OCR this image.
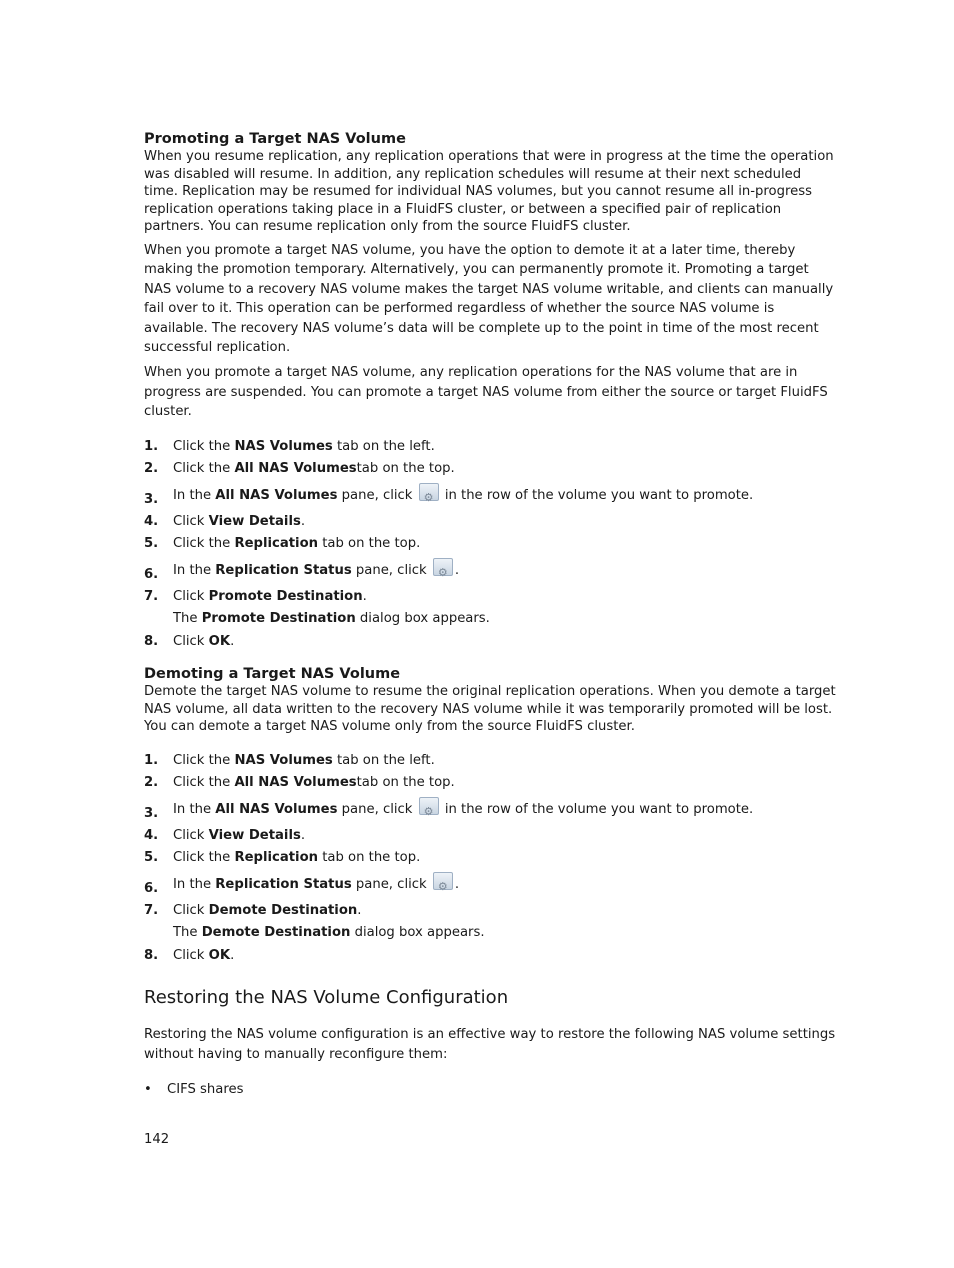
Promoting a Target NAS Volume

When you resume replication, any replication operations that were in progress at the time the operation was disabled will resume. In addition, any replication schedules will resume at their next scheduled time. Replication may be resumed for individual NAS volumes, but you cannot resume all in-progress replication operations taking place in a FluidFS cluster, or between a specified pair of replication partners. You can resume replication only from the source FluidFS cluster.

When you promote a target NAS volume, you have the option to demote it at a later time, thereby making the promotion temporary. Alternatively, you can permanently promote it. Promoting a target NAS volume to a recovery NAS volume makes the target NAS volume writable, and clients can manually fail over to it. This operation can be performed regardless of whether the source NAS volume is available. The recovery NAS volume’s data will be complete up to the point in time of the most recent successful replication.

When you promote a target NAS volume, any replication operations for the NAS volume that are in progress are suspended. You can promote a target NAS volume from either the source or target FluidFS cluster.

1. Click the NAS Volumes tab on the left.
2. Click the All NAS Volumestab on the top.
3. In the All NAS Volumes pane, click ⚙ in the row of the volume you want to promote.
4. Click View Details.
5. Click the Replication tab on the top.
6. In the Replication Status pane, click ⚙.
7. Click Promote Destination.
The Promote Destination dialog box appears.
8. Click OK.
Demoting a Target NAS Volume

Demote the target NAS volume to resume the original replication operations. When you demote a target NAS volume, all data written to the recovery NAS volume while it was temporarily promoted will be lost. You can demote a target NAS volume only from the source FluidFS cluster.

1. Click the NAS Volumes tab on the left.
2. Click the All NAS Volumestab on the top.
3. In the All NAS Volumes pane, click ⚙ in the row of the volume you want to promote.
4. Click View Details.
5. Click the Replication tab on the top.
6. In the Replication Status pane, click ⚙.
7. Click Demote Destination.
The Demote Destination dialog box appears.
8. Click OK.
Restoring the NAS Volume Configuration

Restoring the NAS volume configuration is an effective way to restore the following NAS volume settings without having to manually reconfigure them:

• CIFS shares
142
